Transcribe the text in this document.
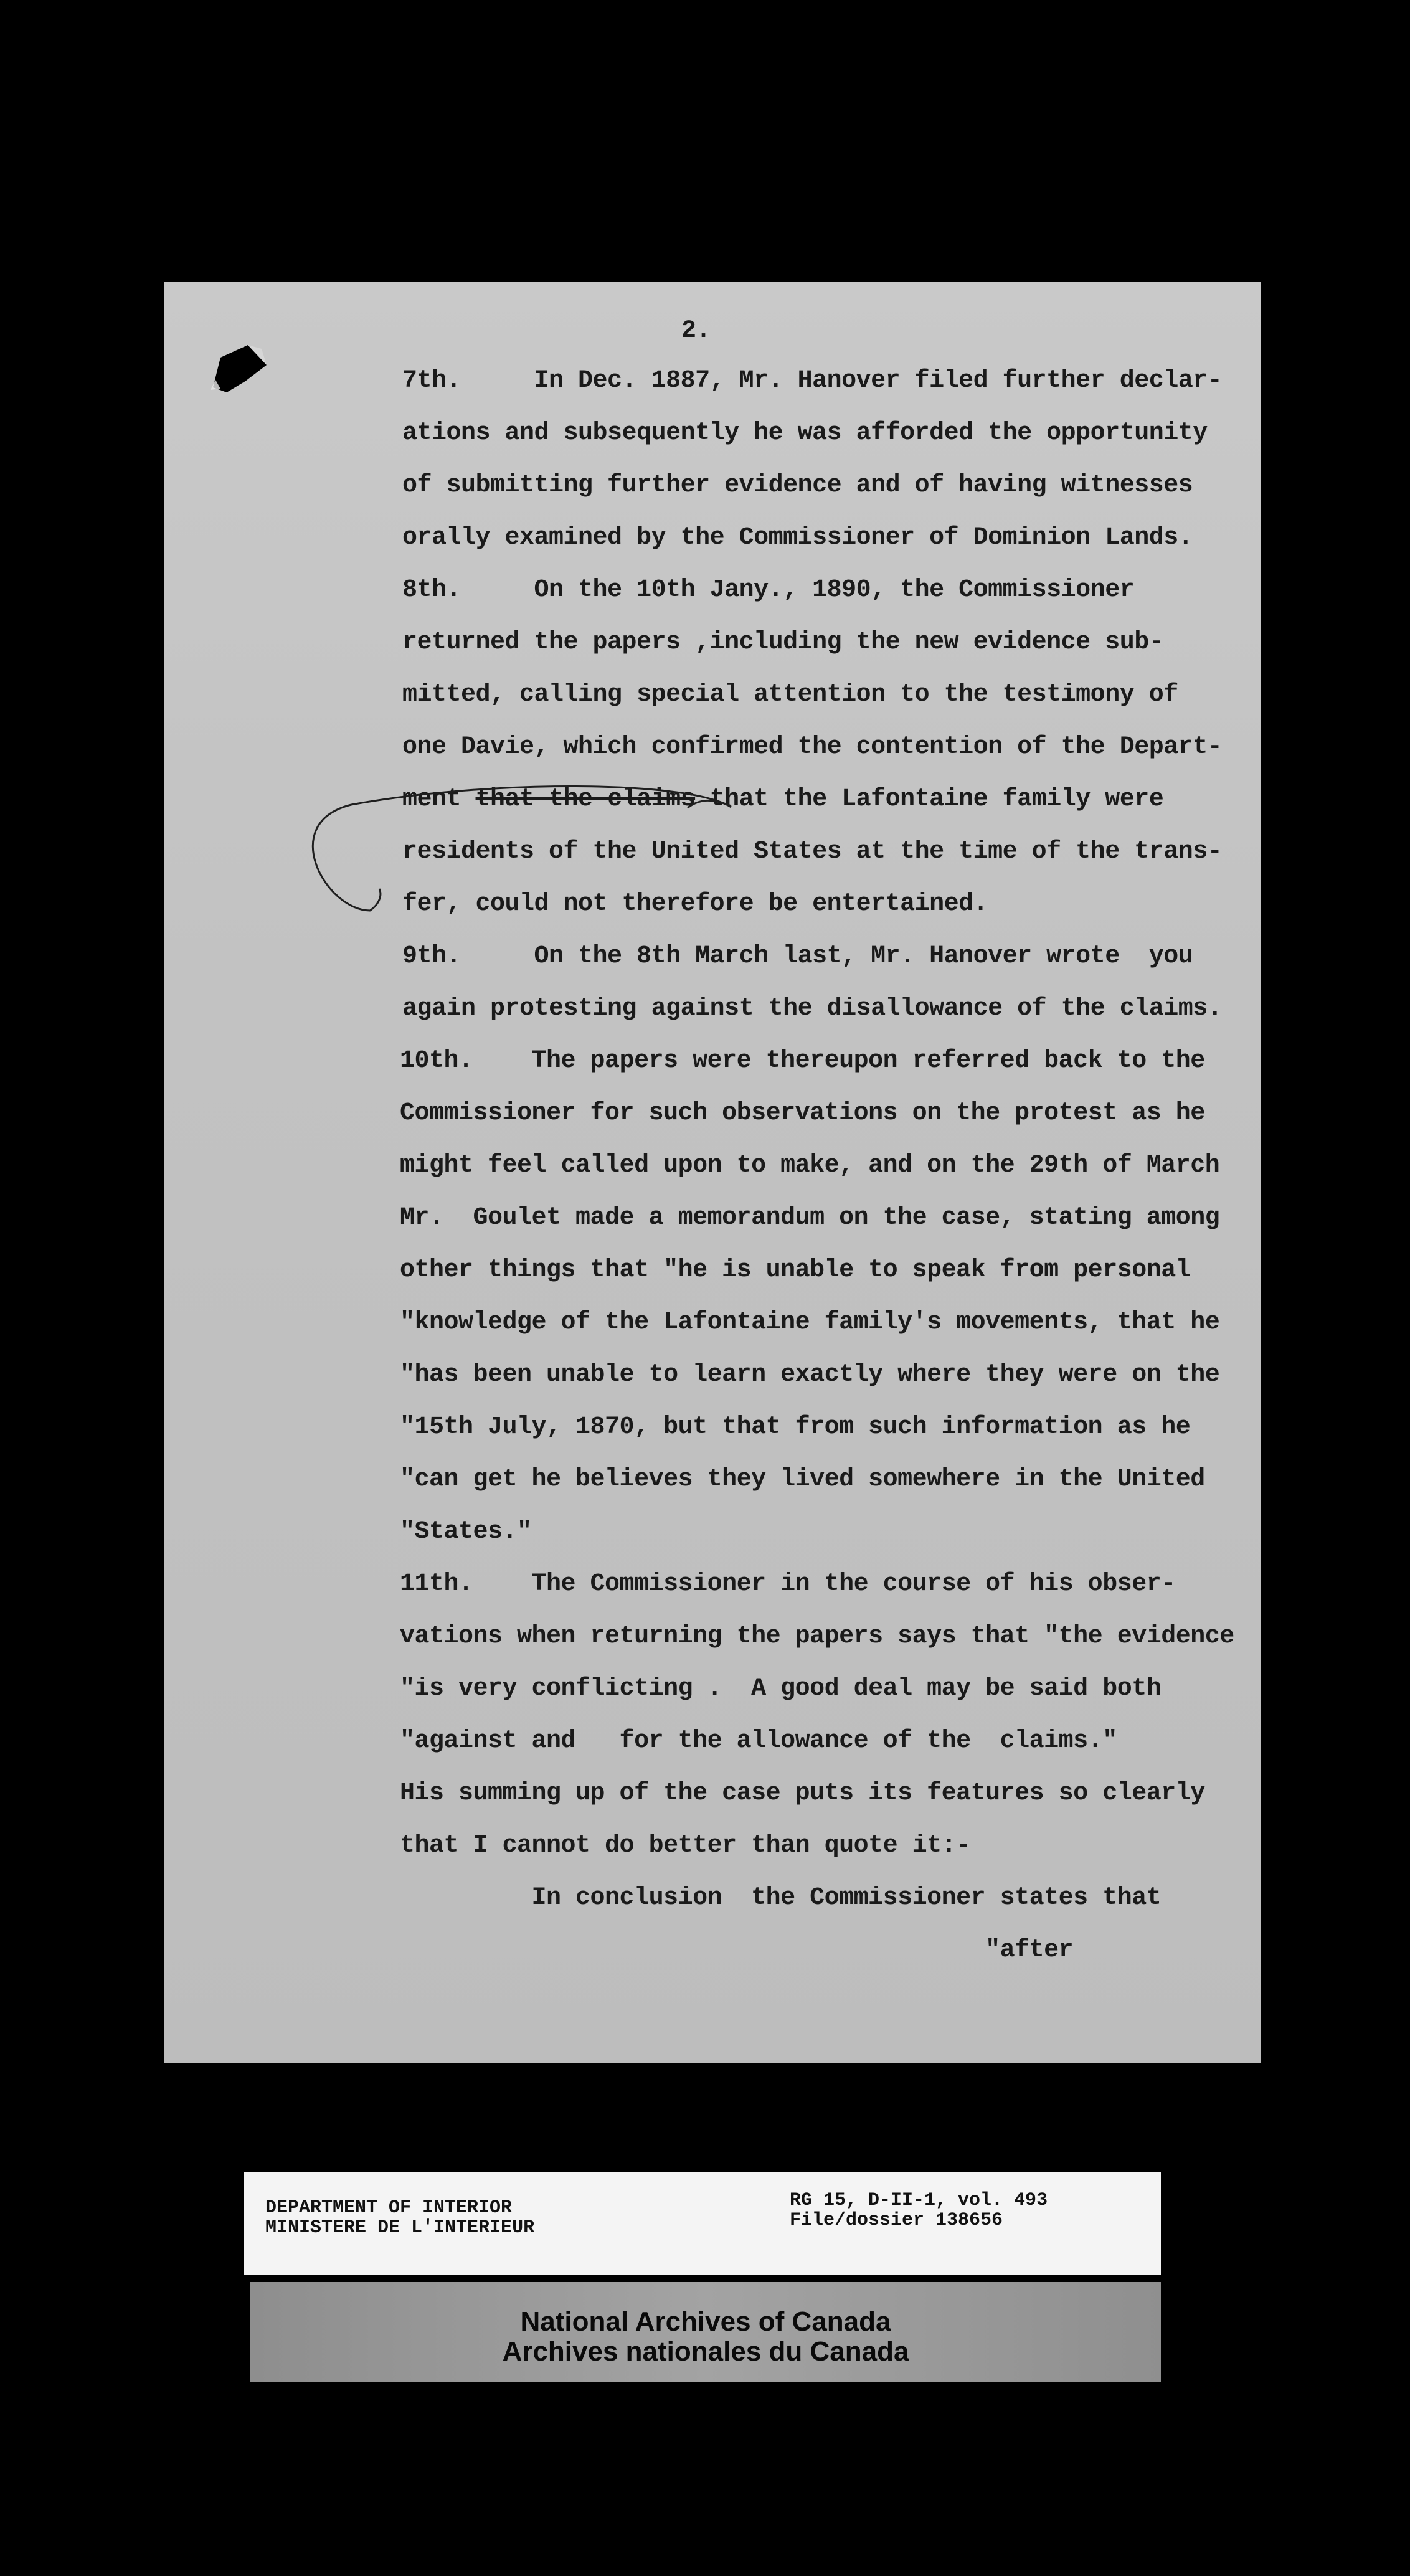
2.
7th.     In Dec. 1887, Mr. Hanover filed further declar-
ations and subsequently he was afforded the opportunity
of submitting further evidence and of having witnesses
orally examined by the Commissioner of Dominion Lands.
8th.     On the 10th Jany., 1890, the Commissioner
returned the papers ,including the new evidence sub-
mitted, calling special attention to the testimony of
one Davie, which confirmed the contention of the Depart-
ment that the claims that the Lafontaine family were
residents of the United States at the time of the trans-
fer, could not therefore be entertained.
9th.     On the 8th March last, Mr. Hanover wrote  you
again protesting against the disallowance of the claims.
10th.    The papers were thereupon referred back to the
Commissioner for such observations on the protest as he
might feel called upon to make, and on the 29th of March
Mr.  Goulet made a memorandum on the case, stating among
other things that "he is unable to speak from personal
"knowledge of the Lafontaine family's movements, that he
"has been unable to learn exactly where they were on the
"15th July, 1870, but that from such information as he
"can get he believes they lived somewhere in the United
"States."
11th.    The Commissioner in the course of his obser-
vations when returning the papers says that "the evidence
"is very conflicting .  A good deal may be said both
"against and   for the allowance of the  claims."
His summing up of the case puts its features so clearly
that I cannot do better than quote it:-
In conclusion  the Commissioner states that
"after
DEPARTMENT OF INTERIOR
MINISTERE DE L'INTERIEUR
RG 15, D-II-1, vol. 493
File/dossier 138656
National Archives of Canada
Archives nationales du Canada
